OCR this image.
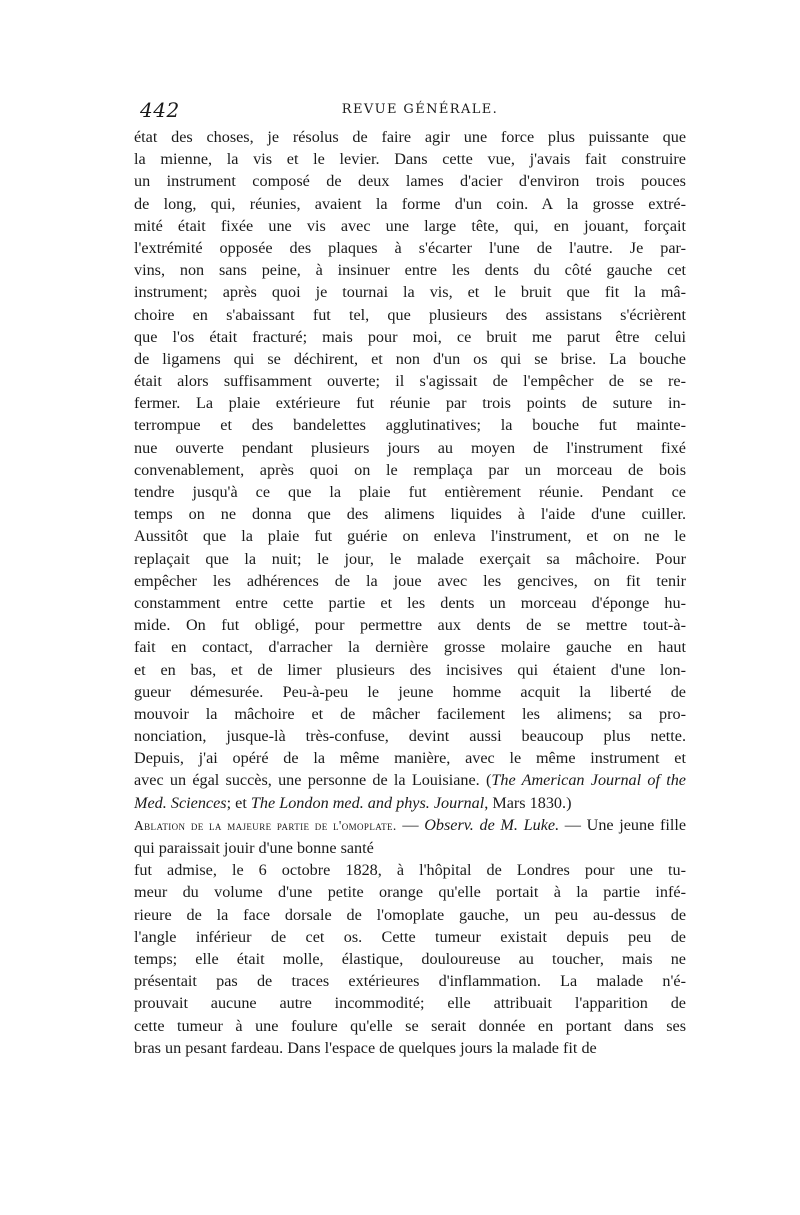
442	REVUE GÉNÉRALE.
état des choses, je résolus de faire agir une force plus puissante que
la mienne, la vis et le levier. Dans cette vue, j'avais fait construire
un instrument composé de deux lames d'acier d'environ trois pouces
de long, qui, réunies, avaient la forme d'un coin. A la grosse extré-
mité était fixée une vis avec une large tête, qui, en jouant, forçait
l'extrémité opposée des plaques à s'écarter l'une de l'autre. Je par-
vins, non sans peine, à insinuer entre les dents du côté gauche cet
instrument; après quoi je tournai la vis, et le bruit que fit la mâ-
choire en s'abaissant fut tel, que plusieurs des assistans s'écrièrent
que l'os était fracturé; mais pour moi, ce bruit me parut être celui
de ligamens qui se déchirent, et non d'un os qui se brise. La bouche
était alors suffisamment ouverte; il s'agissait de l'empêcher de se re-
fermer. La plaie extérieure fut réunie par trois points de suture in-
terrompue et des bandelettes agglutinatives; la bouche fut mainte-
nue ouverte pendant plusieurs jours au moyen de l'instrument fixé
convenablement, après quoi on le remplaça par un morceau de bois
tendre jusqu'à ce que la plaie fut entièrement réunie. Pendant ce
temps on ne donna que des alimens liquides à l'aide d'une cuiller.
Aussitôt que la plaie fut guérie on enleva l'instrument, et on ne le
replaçait que la nuit; le jour, le malade exerçait sa mâchoire. Pour
empêcher les adhérences de la joue avec les gencives, on fit tenir
constamment entre cette partie et les dents un morceau d'éponge hu-
mide. On fut obligé, pour permettre aux dents de se mettre tout-à-
fait en contact, d'arracher la dernière grosse molaire gauche en haut
et en bas, et de limer plusieurs des incisives qui étaient d'une lon-
gueur démesurée. Peu-à-peu le jeune homme acquit la liberté de
mouvoir la mâchoire et de mâcher facilement les alimens; sa pro-
nonciation, jusque-là très-confuse, devint aussi beaucoup plus nette.
Depuis, j'ai opéré de la même manière, avec le même instrument et
avec un égal succès, une personne de la Louisiane. (The American Journal of the Med. Sciences; et The London med. and phys. Journal, Mars 1830.)
Ablation de la majeure partie de l'omoplate. — Observ. de M. Luke. — Une jeune fille qui paraissait jouir d'une bonne santé
fut admise, le 6 octobre 1828, à l'hôpital de Londres pour une tu-
meur du volume d'une petite orange qu'elle portait à la partie infé-
rieure de la face dorsale de l'omoplate gauche, un peu au-dessus de
l'angle inférieur de cet os. Cette tumeur existait depuis peu de
temps; elle était molle, élastique, douloureuse au toucher, mais ne
présentait pas de traces extérieures d'inflammation. La malade n'é-
prouvait aucune autre incommodité; elle attribuait l'apparition de
cette tumeur à une foulure qu'elle se serait donnée en portant dans ses
bras un pesant fardeau. Dans l'espace de quelques jours la malade fit de
